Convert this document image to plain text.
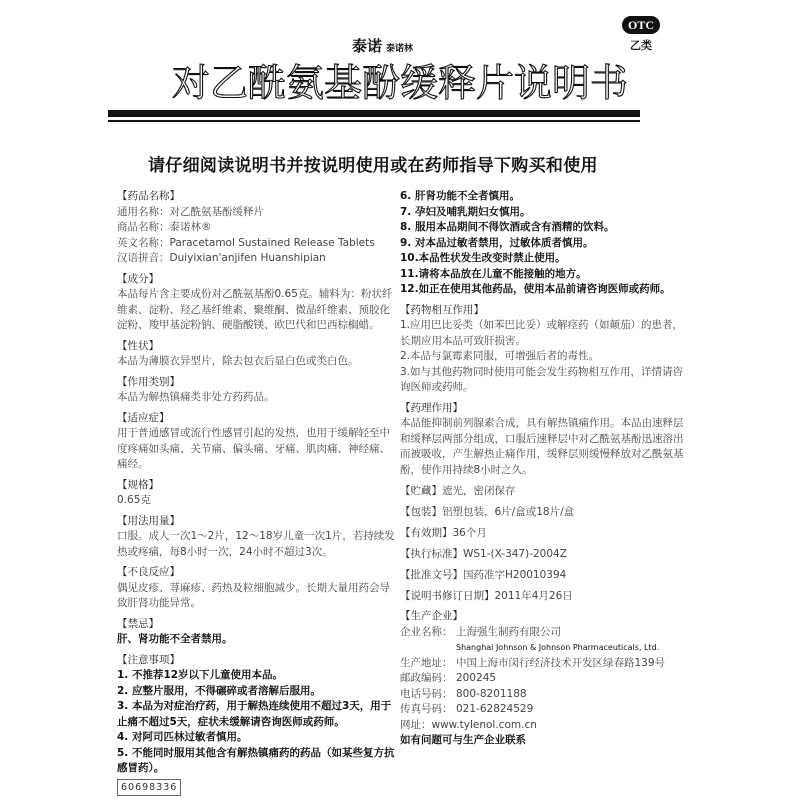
泰诺 泰诺林
OTC
乙类
对乙酰氨基酚缓释片说明书
请仔细阅读说明书并按说明使用或在药师指导下购买和使用
【药品名称】
通用名称：对乙酰氨基酚缓释片
商品名称：泰诺林®
英文名称：Paracetamol Sustained Release Tablets
汉语拼音：Duiyixian'anjifen Huanshipian
【成分】
本品每片含主要成份对乙酰氨基酚0.65克。辅料为：粉状纤维素、淀粉、羟乙基纤维素、聚维酮、微晶纤维素、预胶化淀粉、羧甲基淀粉钠、硬脂酸镁、欧巴代和巴西棕榈蜡。
【性状】
本品为薄膜衣异型片，除去包衣后显白色或类白色。
【作用类别】
本品为解热镇痛类非处方药药品。
【适应症】
用于普通感冒或流行性感冒引起的发热，也用于缓解轻至中度疼痛如头痛、关节痛、偏头痛、牙痛、肌肉痛、神经痛、痛经。
【规格】
0.65克
【用法用量】
口服。成人一次1～2片，12～18岁儿童一次1片，若持续发热或疼痛，每8小时一次，24小时不超过3次。
【不良反应】
偶见皮疹、荨麻疹、药热及粒细胞减少。长期大量用药会导致肝肾功能异常。
【禁忌】
肝、肾功能不全者禁用。
【注意事项】
1. 不推荐12岁以下儿童使用本品。
2. 应整片服用，不得碾碎或者溶解后服用。
3. 本品为对症治疗药，用于解热连续使用不超过3天，用于止痛不超过5天，症状未缓解请咨询医师或药师。
4. 对阿司匹林过敏者慎用。
5. 不能同时服用其他含有解热镇痛药的药品（如某些复方抗感冒药）。
60698336
6. 肝肾功能不全者慎用。
7. 孕妇及哺乳期妇女慎用。
8. 服用本品期间不得饮酒或含有酒精的饮料。
9. 对本品过敏者禁用，过敏体质者慎用。
10.本品性状发生改变时禁止使用。
11.请将本品放在儿童不能接触的地方。
12.如正在使用其他药品，使用本品前请咨询医师或药师。
【药物相互作用】
1.应用巴比妥类（如苯巴比妥）或解痉药（如颠茄）的患者，长期应用本品可致肝损害。
2.本品与氯霉素同服，可增强后者的毒性。
3.如与其他药物同时使用可能会发生药物相互作用，详情请咨询医师或药师。
【药理作用】
本品能抑制前列腺素合成，具有解热镇痛作用。本品由速释层和缓释层两部分组成，口服后速释层中对乙酰氨基酚迅速溶出而被吸收，产生解热止痛作用，缓释层则缓慢释放对乙酰氨基酚，使作用持续8小时之久。
【贮藏】遮光，密闭保存
【包装】铝塑包装，6片/盒或18片/盒
【有效期】36个月
【执行标准】WS1-(X-347)-2004Z
【批准文号】国药准字H20010394
【说明书修订日期】2011年4月26日
【生产企业】
企业名称： 上海强生制药有限公司
Shanghai Johnson & Johnson Pharmaceuticals, Ltd.
生产地址： 中国上海市闵行经济技术开发区绿春路139号
邮政编码： 200245
电话号码： 800-8201188
传真号码： 021-62824529
网址：www.tylenol.com.cn
如有问题可与生产企业联系
